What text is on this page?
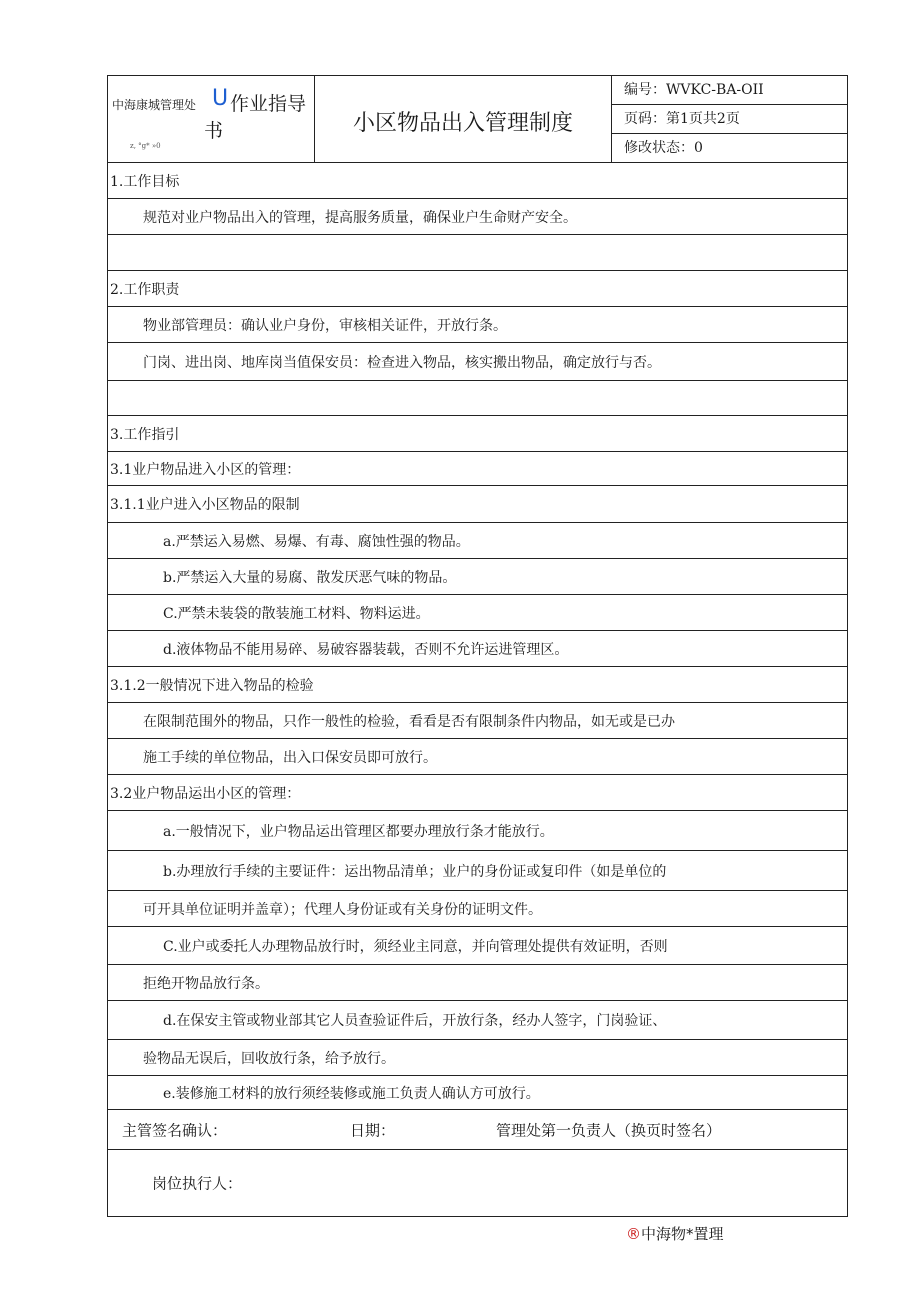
中海康城管理处 U 作业指导
书
z, °g* »0
小区物品出入管理制度
编号：WVKC-BA-OII
页码：第1页共2页
修改状态：0
1.工作目标
规范对业户物品出入的管理，提高服务质量，确保业户生命财产安全。
2.工作职责
物业部管理员：确认业户身份，审核相关证件，开放行条。
门岗、进出岗、地库岗当值保安员：检查进入物品，核实搬出物品，确定放行与否。
3.工作指引
3.1业户物品进入小区的管理：
3.1.1业户进入小区物品的限制
a.严禁运入易燃、易爆、有毒、腐蚀性强的物品。
b.严禁运入大量的易腐、散发厌恶气味的物品。
C.严禁未装袋的散装施工材料、物料运进。
d.液体物品不能用易碎、易破容器装载，否则不允许运进管理区。
3.1.2一般情况下进入物品的检验
在限制范围外的物品，只作一般性的检验，看看是否有限制条件内物品，如无或是已办
施工手续的单位物品，出入口保安员即可放行。
3.2业户物品运出小区的管理：
a.一般情况下，业户物品运出管理区都要办理放行条才能放行。
b.办理放行手续的主要证件：运出物品清单；业户的身份证或复印件（如是单位的
可开具单位证明并盖章）；代理人身份证或有关身份的证明文件。
C.业户或委托人办理物品放行时，须经业主同意，并向管理处提供有效证明，否则
拒绝开物品放行条。
d.在保安主管或物业部其它人员查验证件后，开放行条，经办人签字，门岗验证、
验物品无误后，回收放行条，给予放行。
e.装修施工材料的放行须经装修或施工负责人确认方可放行。
主管签名确认：	日期：	管理处第一负责人（换页时签名）
岗位执行人：
®中海物*置理
